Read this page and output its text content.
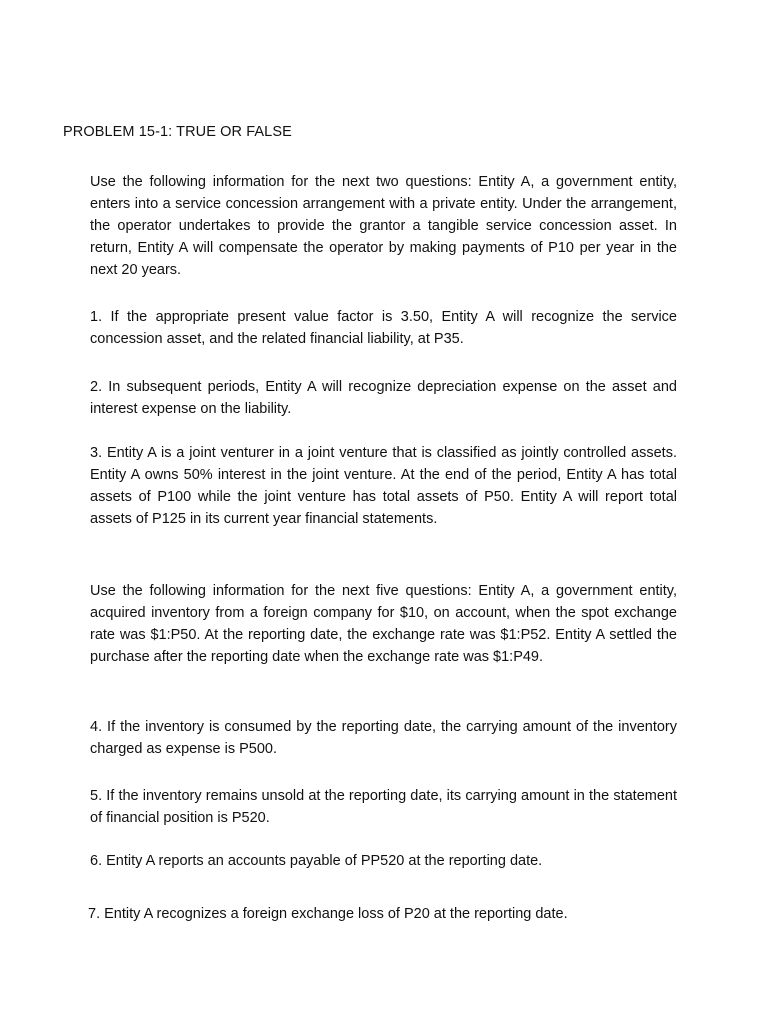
PROBLEM 15-1: TRUE OR FALSE

Use the following information for the next two questions: Entity A, a government entity, enters into a service concession arrangement with a private entity. Under the arrangement, the operator undertakes to provide the grantor a tangible service concession asset. In return, Entity A will compensate the operator by making payments of P10 per year in the next 20 years.

1. If the appropriate present value factor is 3.50, Entity A will recognize the service concession asset, and the related financial liability, at P35.

2. In subsequent periods, Entity A will recognize depreciation expense on the asset and interest expense on the liability.

3. Entity A is a joint venturer in a joint venture that is classified as jointly controlled assets. Entity A owns 50% interest in the joint venture. At the end of the period, Entity A has total assets of P100 while the joint venture has total assets of P50. Entity A will report total assets of P125 in its current year financial statements.

Use the following information for the next five questions: Entity A, a government entity, acquired inventory from a foreign company for $10, on account, when the spot exchange rate was $1:P50. At the reporting date, the exchange rate was $1:P52. Entity A settled the purchase after the reporting date when the exchange rate was $1:P49.

4. If the inventory is consumed by the reporting date, the carrying amount of the inventory charged as expense is P500.

5. If the inventory remains unsold at the reporting date, its carrying amount in the statement of financial position is P520.

6. Entity A reports an accounts payable of PP520 at the reporting date.

7. Entity A recognizes a foreign exchange loss of P20 at the reporting date.
